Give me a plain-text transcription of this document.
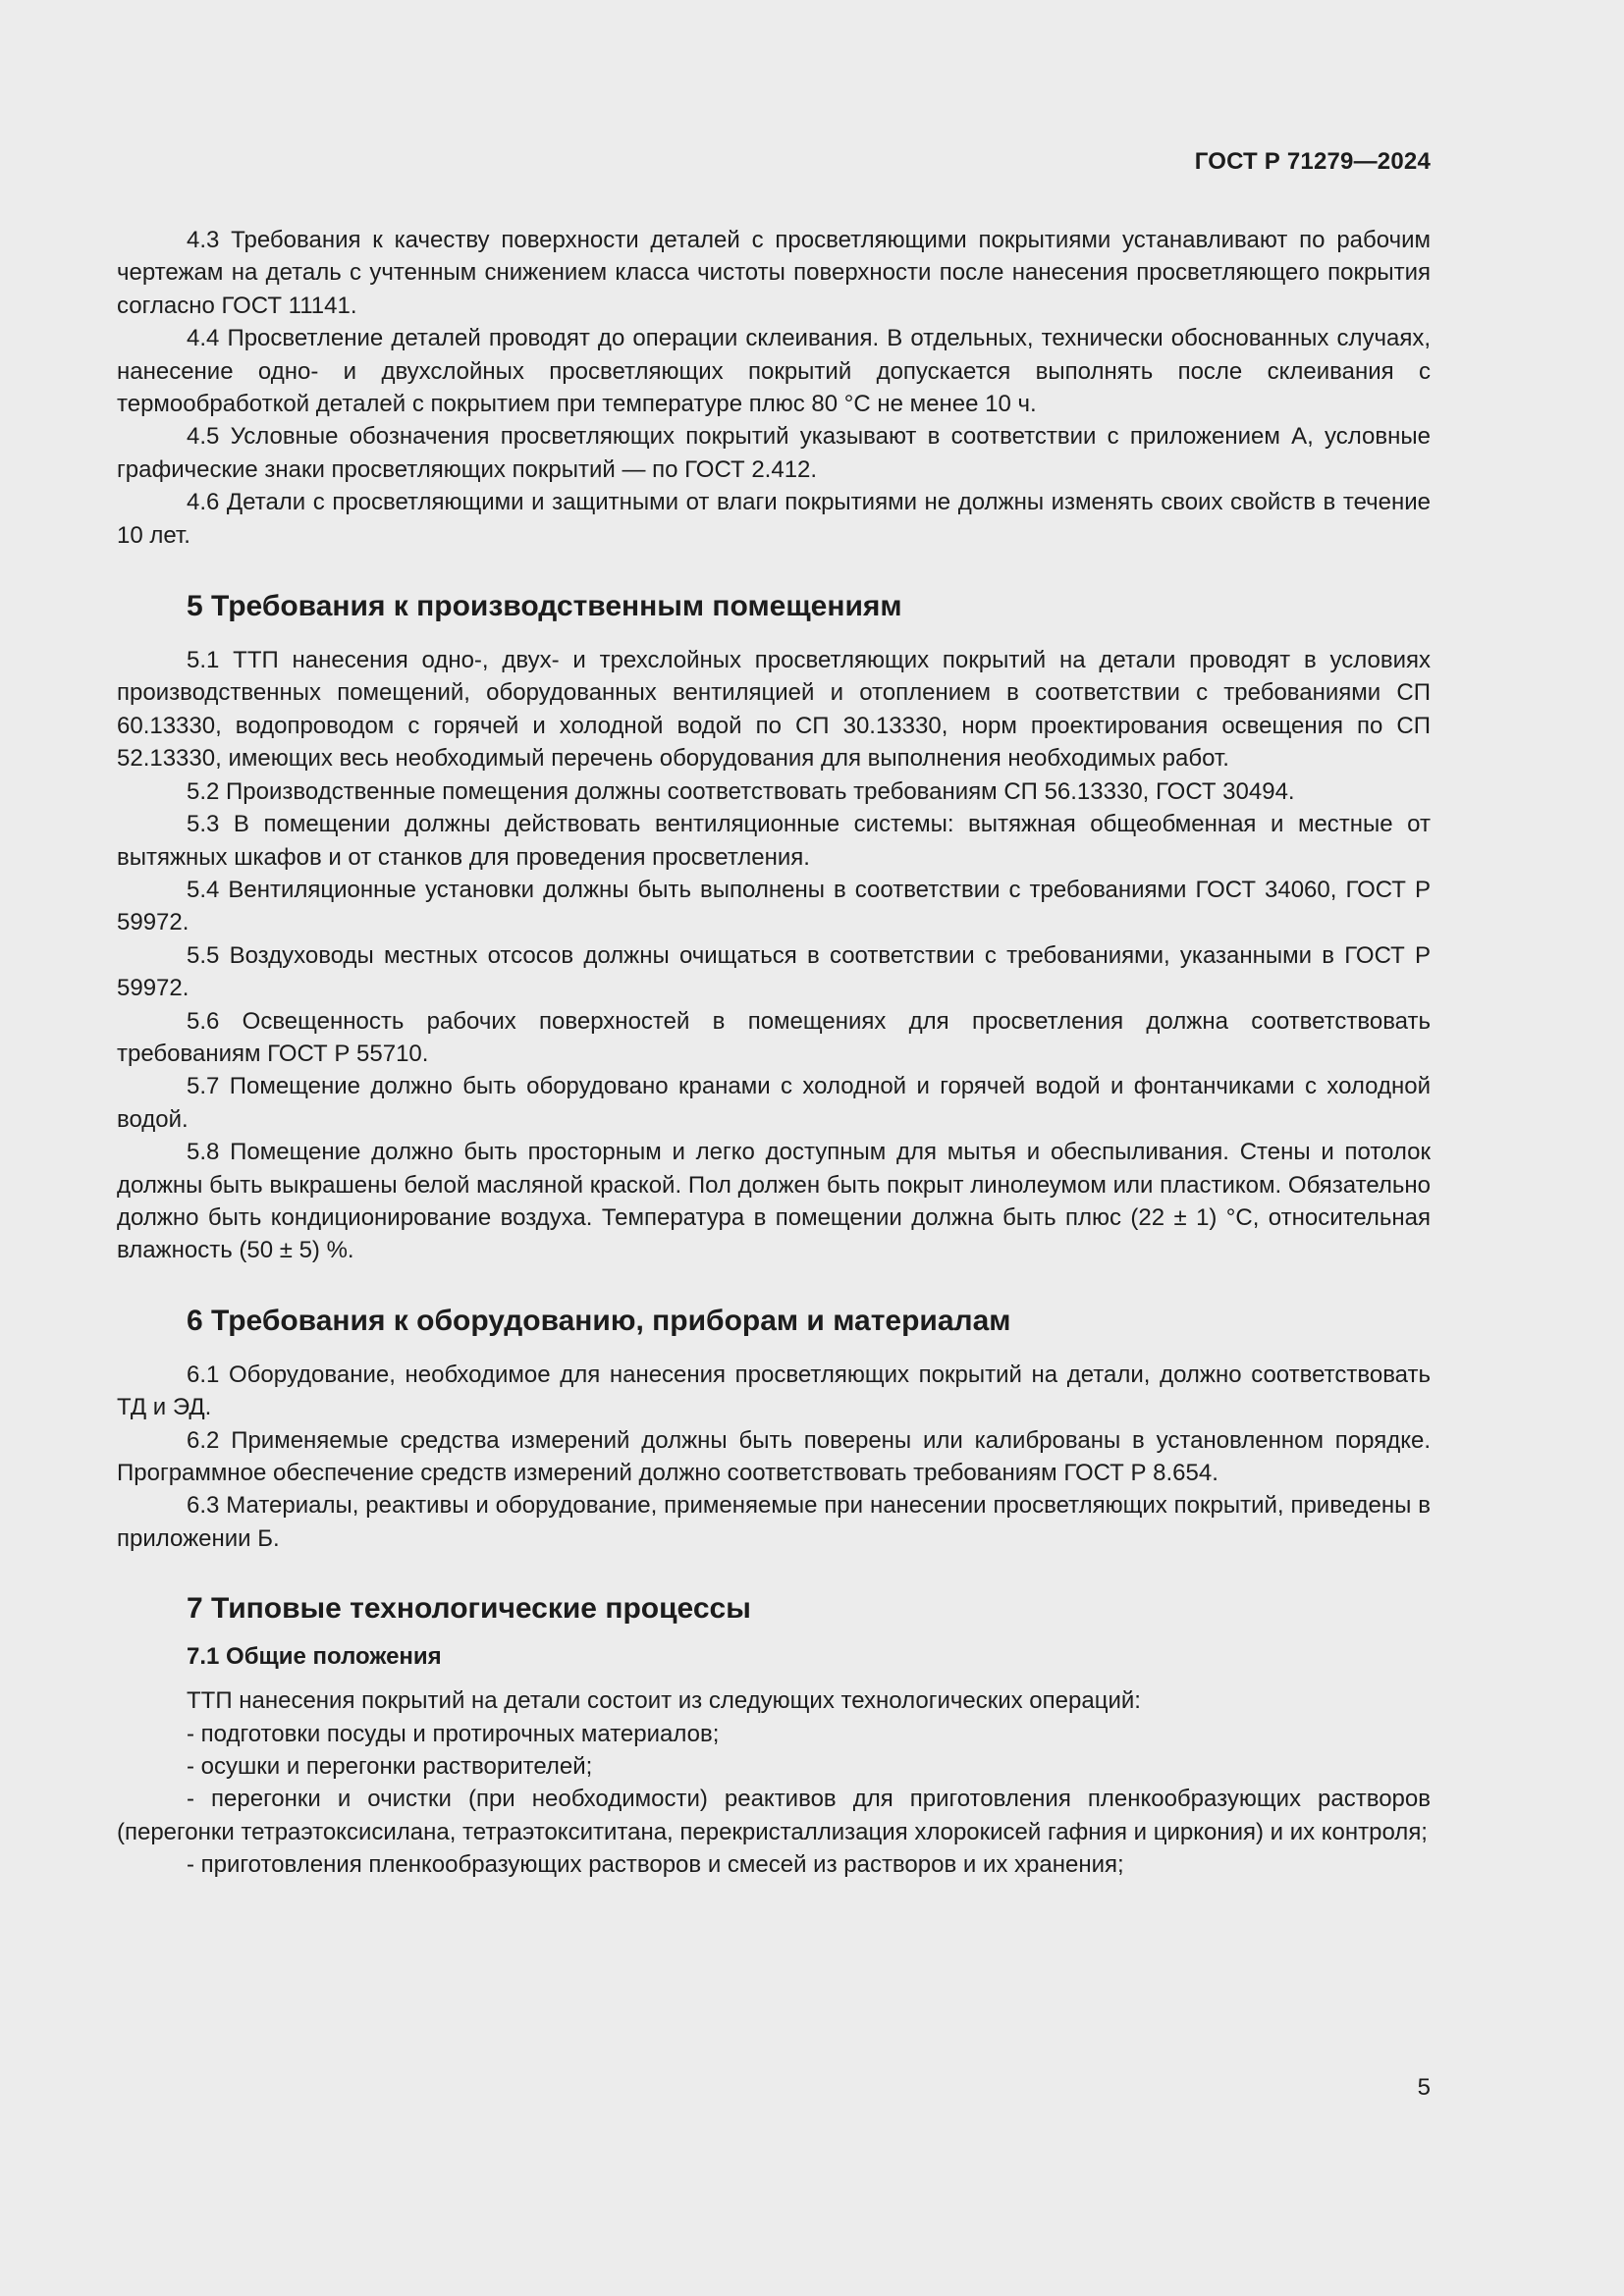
ГОСТ Р 71279—2024

4.3 Требования к качеству поверхности деталей с просветляющими покрытиями устанавливают по рабочим чертежам на деталь с учтенным снижением класса чистоты поверхности после нанесения просветляющего покрытия согласно ГОСТ 11141.

4.4 Просветление деталей проводят до операции склеивания. В отдельных, технически обоснованных случаях, нанесение одно- и двухслойных просветляющих покрытий допускается выполнять после склеивания с термообработкой деталей с покрытием при температуре плюс 80 °С не менее 10 ч.

4.5 Условные обозначения просветляющих покрытий указывают в соответствии с приложением А, условные графические знаки просветляющих покрытий — по ГОСТ 2.412.

4.6 Детали с просветляющими и защитными от влаги покрытиями не должны изменять своих свойств в течение 10 лет.

5 Требования к производственным помещениям

5.1 ТТП нанесения одно-, двух- и трехслойных просветляющих покрытий на детали проводят в условиях производственных помещений, оборудованных вентиляцией и отоплением в соответствии с требованиями СП 60.13330, водопроводом с горячей и холодной водой по СП 30.13330, норм проектирования освещения по СП 52.13330, имеющих весь необходимый перечень оборудования для выполнения необходимых работ.

5.2 Производственные помещения должны соответствовать требованиям СП 56.13330, ГОСТ 30494.

5.3 В помещении должны действовать вентиляционные системы: вытяжная общеобменная и местные от вытяжных шкафов и от станков для проведения просветления.

5.4 Вентиляционные установки должны быть выполнены в соответствии с требованиями ГОСТ 34060, ГОСТ Р 59972.

5.5 Воздуховоды местных отсосов должны очищаться в соответствии с требованиями, указанными в ГОСТ Р 59972.

5.6 Освещенность рабочих поверхностей в помещениях для просветления должна соответствовать требованиям ГОСТ Р 55710.

5.7 Помещение должно быть оборудовано кранами с холодной и горячей водой и фонтанчиками с холодной водой.

5.8 Помещение должно быть просторным и легко доступным для мытья и обеспыливания. Стены и потолок должны быть выкрашены белой масляной краской. Пол должен быть покрыт линолеумом или пластиком. Обязательно должно быть кондиционирование воздуха. Температура в помещении должна быть плюс (22 ± 1) °С, относительная влажность (50 ± 5) %.

6 Требования к оборудованию, приборам и материалам

6.1 Оборудование, необходимое для нанесения просветляющих покрытий на детали, должно соответствовать ТД и ЭД.

6.2 Применяемые средства измерений должны быть поверены или калиброваны в установленном порядке. Программное обеспечение средств измерений должно соответствовать требованиям ГОСТ Р 8.654.

6.3 Материалы, реактивы и оборудование, применяемые при нанесении просветляющих покрытий, приведены в приложении Б.

7 Типовые технологические процессы
7.1 Общие положения

ТТП нанесения покрытий на детали состоит из следующих технологических операций:

- подготовки посуды и протирочных материалов;

- осушки и перегонки растворителей;

- перегонки и очистки (при необходимости) реактивов для приготовления пленкообразующих растворов (перегонки тетраэтоксисилана, тетраэтоксититана, перекристаллизация хлорокисей гафния и циркония) и их контроля;

- приготовления пленкообразующих растворов и смесей из растворов и их хранения;

5
